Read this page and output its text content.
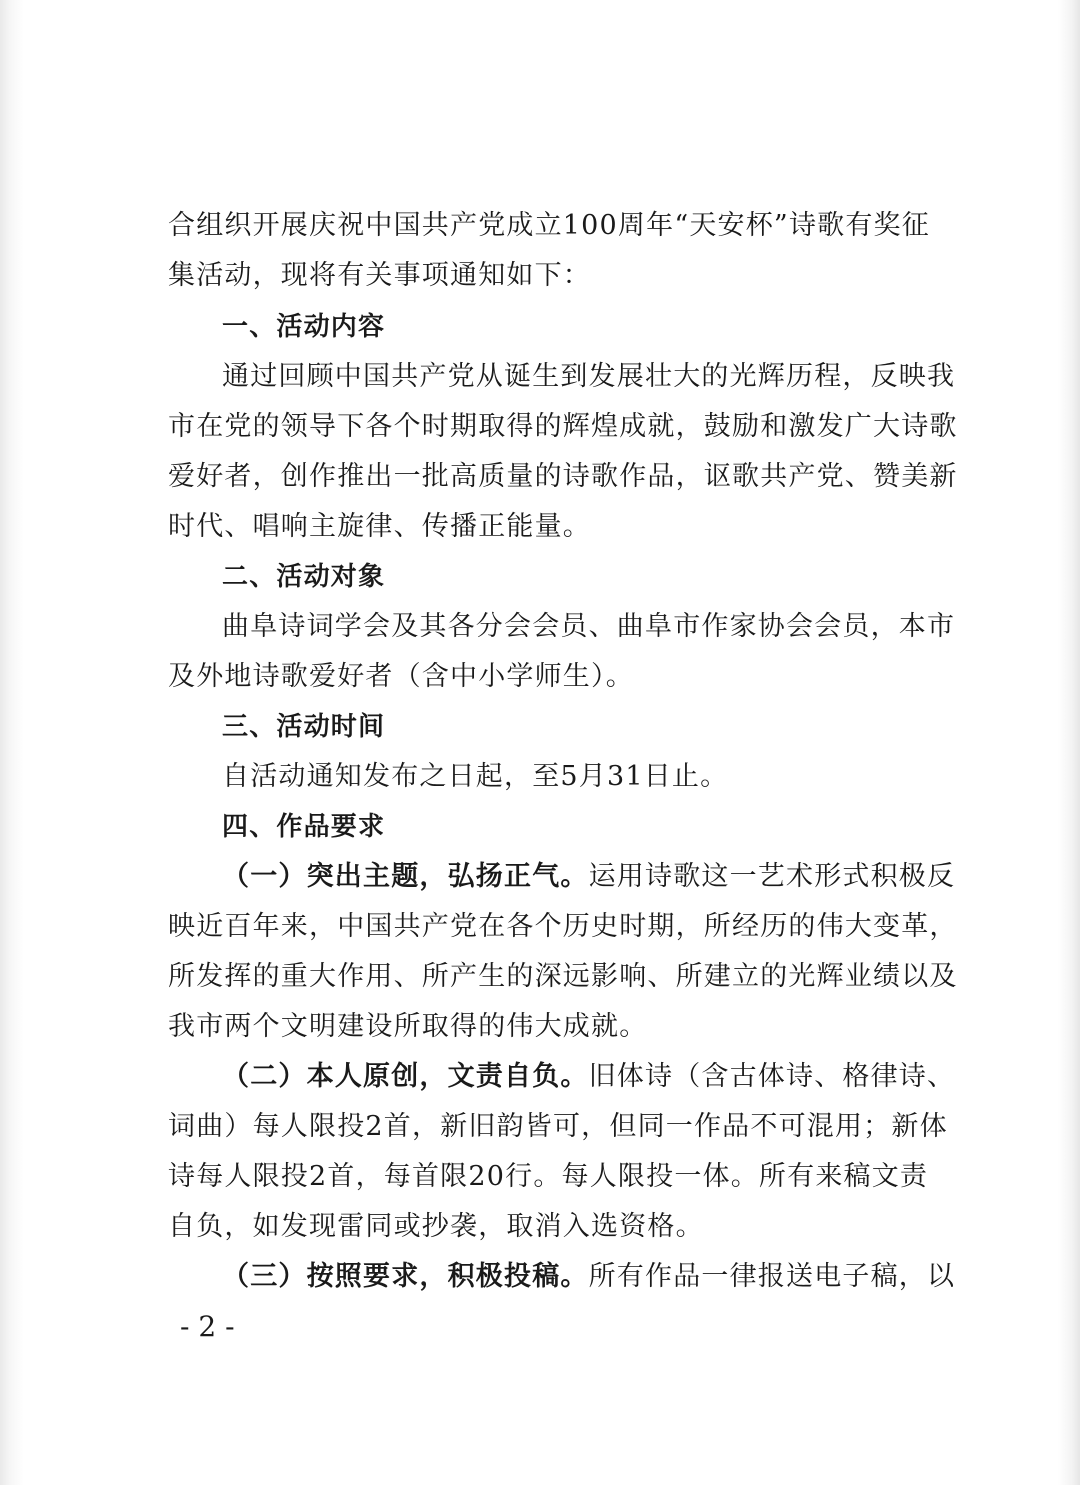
合组织开展庆祝中国共产党成立100周年“天安杯”诗歌有奖征
集活动，现将有关事项通知如下：
一、活动内容
通过回顾中国共产党从诞生到发展壮大的光辉历程，反映我
市在党的领导下各个时期取得的辉煌成就，鼓励和激发广大诗歌
爱好者，创作推出一批高质量的诗歌作品，讴歌共产党、赞美新
时代、唱响主旋律、传播正能量。
二、活动对象
曲阜诗词学会及其各分会会员、曲阜市作家协会会员，本市
及外地诗歌爱好者（含中小学师生）。
三、活动时间
自活动通知发布之日起，至5月31日止。
四、作品要求
（一）突出主题，弘扬正气。运用诗歌这一艺术形式积极反
映近百年来，中国共产党在各个历史时期，所经历的伟大变革，
所发挥的重大作用、所产生的深远影响、所建立的光辉业绩以及
我市两个文明建设所取得的伟大成就。
（二）本人原创，文责自负。旧体诗（含古体诗、格律诗、
词曲）每人限投2首，新旧韵皆可，但同一作品不可混用；新体
诗每人限投2首，每首限20行。每人限投一体。所有来稿文责
自负，如发现雷同或抄袭，取消入选资格。
（三）按照要求，积极投稿。所有作品一律报送电子稿，以
- 2 -
